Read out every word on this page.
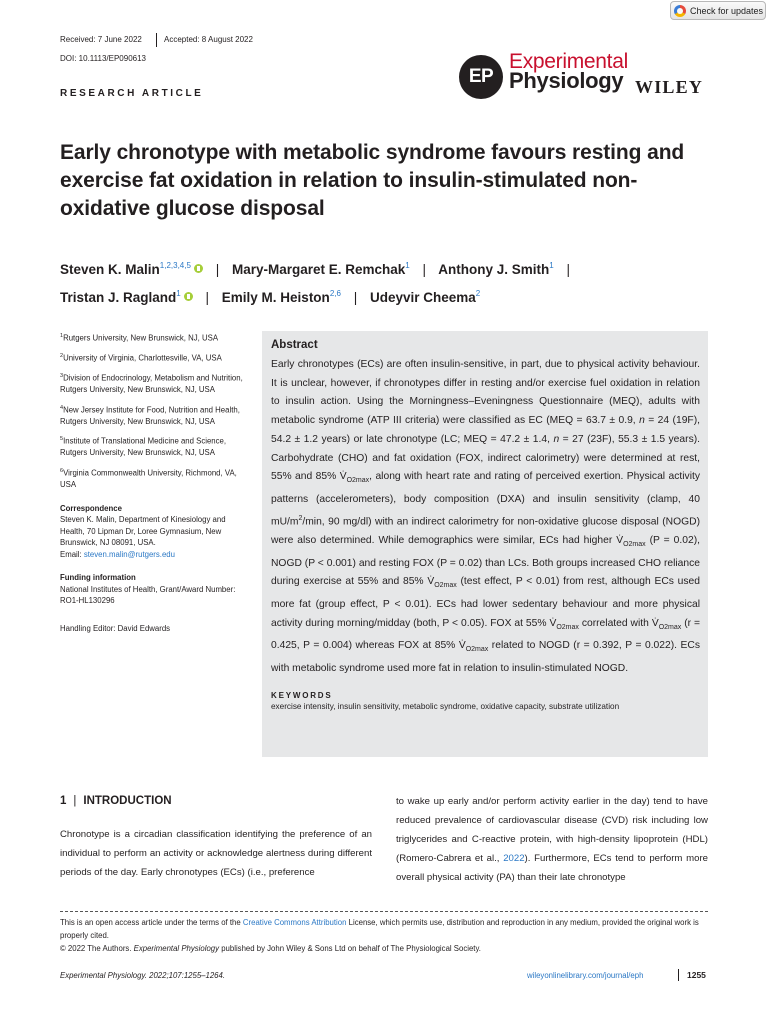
Check for updates
Received: 7 June 2022	Accepted: 8 August 2022
DOI: 10.1113/EP090613
RESEARCH ARTICLE
EP
Experimental
Physiology WILEY
Early chronotype with metabolic syndrome favours resting and exercise fat oxidation in relation to insulin-stimulated non-oxidative glucose disposal
Steven K. Malin$^{1,2,3,4,5}$ | Mary-Margaret E. Remchak$^1$ | Anthony J. Smith$^1$ |
Tristan J. Ragland$^1$ | Emily M. Heiston$^{2,6}$ | Udeyvir Cheema$^2$
$^1$Rutgers University, New Brunswick, NJ, USA
$^2$University of Virginia, Charlottesville, VA, USA
$^3$Division of Endocrinology, Metabolism and Nutrition, Rutgers University, New Brunswick, NJ, USA
$^4$New Jersey Institute for Food, Nutrition and Health, Rutgers University, New Brunswick, NJ, USA
$^5$Institute of Translational Medicine and Science, Rutgers University, New Brunswick, NJ, USA
$^6$Virginia Commonwealth University, Richmond, VA, USA
Correspondence
Steven K. Malin, Department of Kinesiology and Health, 70 Lipman Dr, Loree Gymnasium, New Brunswick, NJ 08091, USA.
Email: steven.malin@rutgers.edu
Funding information
National Institutes of Health, Grant/Award Number: RO1-HL130296
Handling Editor: David Edwards
Abstract

Early chronotypes (ECs) are often insulin-sensitive, in part, due to physical activity behaviour. It is unclear, however, if chronotypes differ in resting and/or exercise fuel oxidation in relation to insulin action. Using the Morningness–Eveningness Questionnaire (MEQ), adults with metabolic syndrome (ATP III criteria) were classified as EC (MEQ = 63.7 ± 0.9, n = 24 (19F), 54.2 ± 1.2 years) or late chronotype (LC; MEQ = 47.2 ± 1.4, n = 27 (23F), 55.3 ± 1.5 years). Carbohydrate (CHO) and fat oxidation (FOX, indirect calorimetry) were determined at rest, 55% and 85% $V̇_{O2max}$, along with heart rate and rating of perceived exertion. Physical activity patterns (accelerometers), body composition (DXA) and insulin sensitivity (clamp, 40 $mU/m^2/\min$, 90 mg/dl) with an indirect calorimetry for non-oxidative glucose disposal (NOGD) were also determined. While demographics were similar, ECs had higher $V̇_{O2max}$ (P = 0.02), NOGD (P < 0.001) and resting FOX (P = 0.02) than LCs. Both groups increased CHO reliance during exercise at 55% and 85% $V̇_{O2max}$ (test effect, P < 0.01) from rest, although ECs used more fat (group effect, P < 0.01). ECs had lower sedentary behaviour and more physical activity during morning/midday (both, P < 0.05). FOX at 55% $V̇_{O2max}$ correlated with $V̇_{O2max}$ (r = 0.425, P = 0.004) whereas FOX at 85% $V̇_{O2max}$ related to NOGD (r = 0.392, P = 0.022). ECs with metabolic syndrome used more fat in relation to insulin-stimulated NOGD.

KEYWORDS
exercise intensity, insulin sensitivity, metabolic syndrome, oxidative capacity, substrate utilization
1 | INTRODUCTION

Chronotype is a circadian classification identifying the preference of an individual to perform an activity or acknowledge alertness during different periods of the day. Early chronotypes (ECs) (i.e., preference

to wake up early and/or perform activity earlier in the day) tend to have reduced prevalence of cardiovascular disease (CVD) risk including low triglycerides and C-reactive protein, with high-density lipoprotein (HDL) (Romero-Cabrera et al., 2022). Furthermore, ECs tend to perform more overall physical activity (PA) than their late chronotype

This is an open access article under the terms of the Creative Commons Attribution License, which permits use, distribution and reproduction in any medium, provided the original work is properly cited.

© 2022 The Authors. Experimental Physiology published by John Wiley & Sons Ltd on behalf of The Physiological Society.

Experimental Physiology. 2022;107:1255–1264.	wileyonlinelibrary.com/journal/eph	1255
